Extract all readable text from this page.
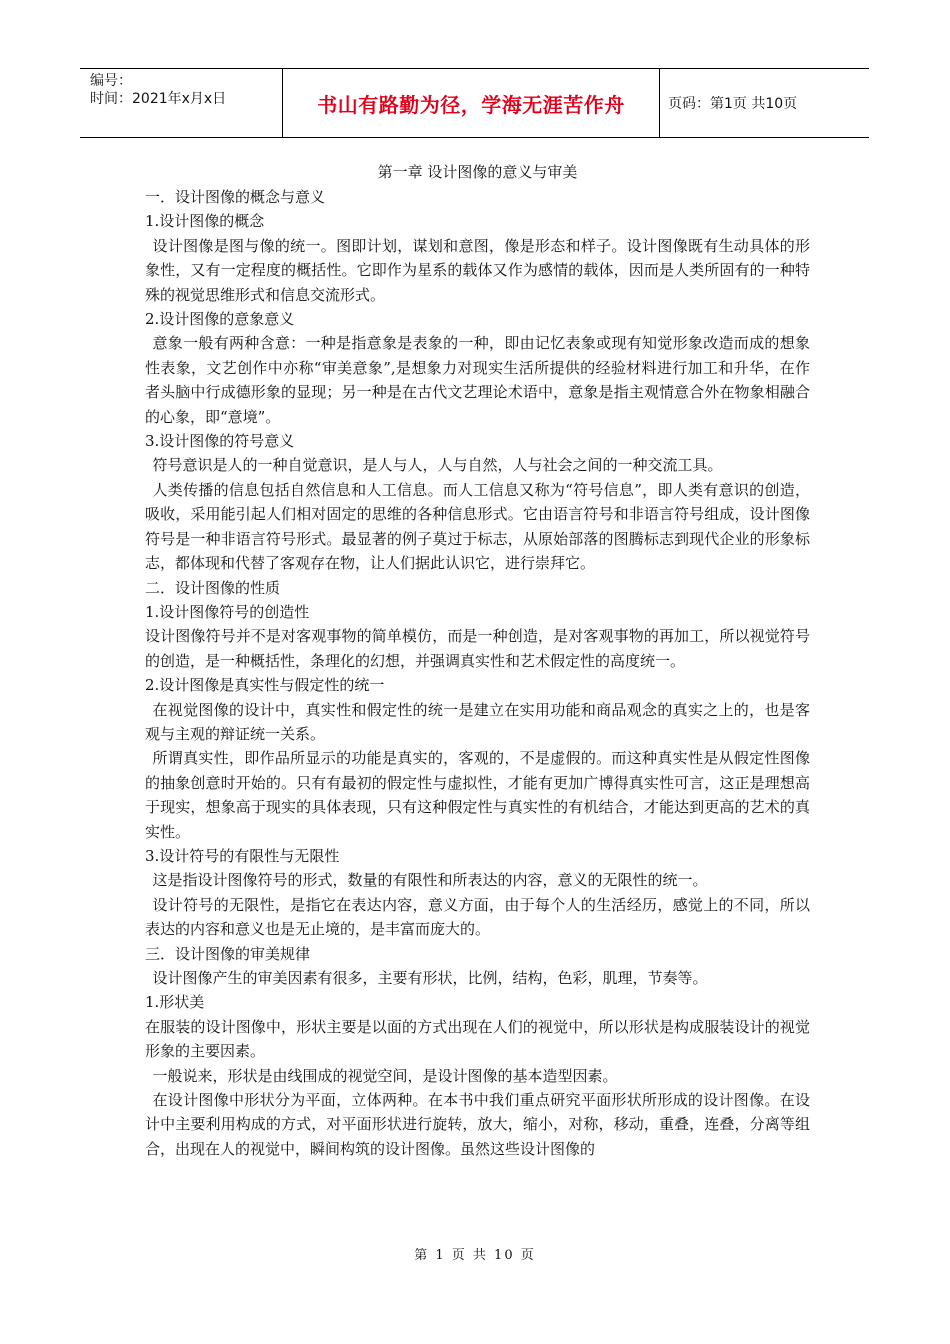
编号：
时间：2021年x月x日	书山有路勤为径，学海无涯苦作舟	页码：第1页 共10页

第一章 设计图像的意义与审美

一．设计图像的概念与意义

1.设计图像的概念

设计图像是图与像的统一。图即计划，谋划和意图，像是形态和样子。设计图像既有生动具体的形象性，又有一定程度的概括性。它即作为星系的载体又作为感情的载体，因而是人类所固有的一种特殊的视觉思维形式和信息交流形式。

2.设计图像的意象意义

意象一般有两种含意：一种是指意象是表象的一种，即由记忆表象或现有知觉形象改造而成的想象性表象，文艺创作中亦称“审美意象”,是想象力对现实生活所提供的经验材料进行加工和升华，在作者头脑中行成德形象的显现；另一种是在古代文艺理论术语中，意象是指主观情意合外在物象相融合的心象，即“意境”。

3.设计图像的符号意义

符号意识是人的一种自觉意识，是人与人，人与自然，人与社会之间的一种交流工具。

人类传播的信息包括自然信息和人工信息。而人工信息又称为“符号信息”，即人类有意识的创造，吸收，采用能引起人们相对固定的思维的各种信息形式。它由语言符号和非语言符号组成，设计图像符号是一种非语言符号形式。最显著的例子莫过于标志，从原始部落的图腾标志到现代企业的形象标志，都体现和代替了客观存在物，让人们据此认识它，进行崇拜它。

二．设计图像的性质

1.设计图像符号的创造性

设计图像符号并不是对客观事物的简单模仿，而是一种创造，是对客观事物的再加工，所以视觉符号的创造，是一种概括性，条理化的幻想，并强调真实性和艺术假定性的高度统一。

2.设计图像是真实性与假定性的统一

在视觉图像的设计中，真实性和假定性的统一是建立在实用功能和商品观念的真实之上的，也是客观与主观的辩证统一关系。

所谓真实性，即作品所显示的功能是真实的，客观的，不是虚假的。而这种真实性是从假定性图像的抽象创意时开始的。只有有最初的假定性与虚拟性，才能有更加广博得真实性可言，这正是理想高于现实，想象高于现实的具体表现，只有这种假定性与真实性的有机结合，才能达到更高的艺术的真实性。

3.设计符号的有限性与无限性

这是指设计图像符号的形式，数量的有限性和所表达的内容，意义的无限性的统一。

设计符号的无限性，是指它在表达内容，意义方面，由于每个人的生活经历，感觉上的不同，所以表达的内容和意义也是无止境的，是丰富而庞大的。

三．设计图像的审美规律

设计图像产生的审美因素有很多，主要有形状，比例，结构，色彩，肌理，节奏等。

1.形状美

在服装的设计图像中，形状主要是以面的方式出现在人们的视觉中，所以形状是构成服装设计的视觉形象的主要因素。

一般说来，形状是由线围成的视觉空间，是设计图像的基本造型因素。

在设计图像中形状分为平面，立体两种。在本书中我们重点研究平面形状所形成的设计图像。在设计中主要利用构成的方式，对平面形状进行旋转，放大，缩小，对称，移动，重叠，连叠，分离等组合，出现在人的视觉中，瞬间构筑的设计图像。虽然这些设计图像的

第 1 页 共 10 页
